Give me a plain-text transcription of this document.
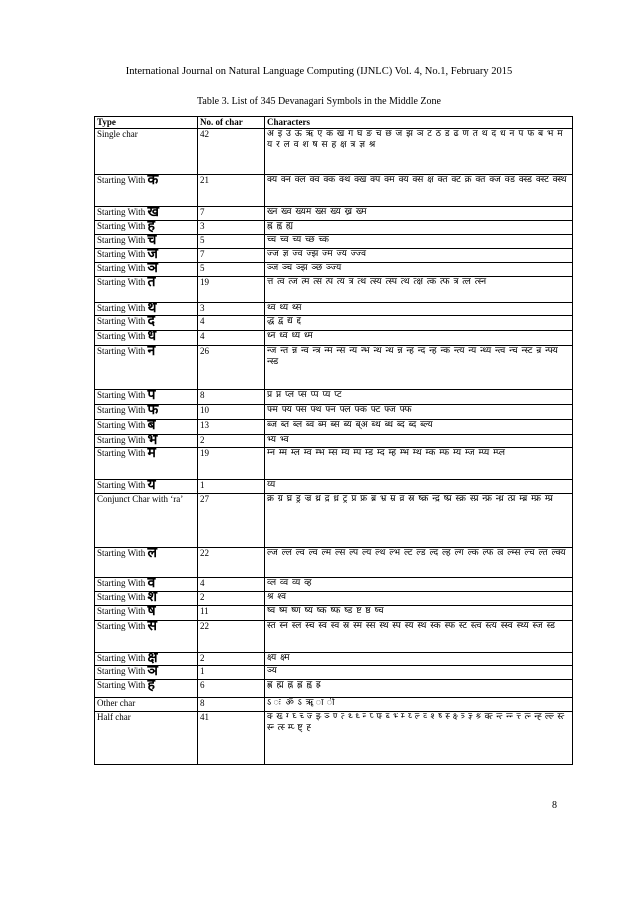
International Journal on Natural Language Computing (IJNLC) Vol. 4, No.1, February 2015
Table 3. List of 345 Devanagari Symbols in the Middle Zone
Type	No. of char	Characters
Single char	42	अ इ उ ऊ ऋ ए क ख ग घ ङ च छ ज झ ञ ट ठ ड ढ ण त थ द ध न प फ ब भ म य र ल व श ष स ह क्ष त्र ज्ञ श्र
Starting With क	21	क्य क्न क्ल क्व क्क क्थ क्ख क्प क्म क्य क्स क्ष क्त क्ट क्र क्त क्ज क्ड क्स्ड क्स्ट क्स्थ
Starting With ख	7	ख्न ख्व ख्यम ख्स ख्य ख्र ख्म
Starting With ह	3	ह्न ह्व ह्य
Starting With च	5	च्च च्व च्य च्छ च्क
Starting With ज	7	ज्ज ज्ञ ज्व ज्झ ज्म ज्य ज्ज्व
Starting With ञ	5	ञ्ज ञ्च ञ्झ ञ्छ ञ्ज्य
Starting With त	19	त्त त्व त्ज त्म त्स त्प त्य त्र त्थ त्स्य त्स्प त्थ त्क्ष त्क त्फ त्र त्ल त्स्न
Starting With थ	3	थ्व थ्य थ्स
Starting With द	4	द्ध द्व द्य द्द
Starting With ध	4	ध्न ध्व ध्य ध्म
Starting With न	26	न्ज न्त न्न न्व न्त्र न्म न्स न्य न्भ न्थ न्ध न्न न्ह न्द न्ह न्क न्त्य न्य न्ध्य न्त्व न्च न्स्ट न्र न्फ्य न्स्ड
Starting With प	8	प्र प्न प्ल प्स प्प प्य प्ट
Starting With फ	10	फ्म फ्य फ्स फ्थ फ्न फ्ल फ्क फ्ट फ्ज फ्फ
Starting With ब	13	ब्ज ब्त ब्ल ब्व ब्म ब्स ब्य ब्अ ब्थ ब्ध ब्द ब्द ब्ल्य
Starting With भ	2	भ्य भ्व
Starting With म	19	म्न म्म म्ल म्व म्भ म्स म्य म्प म्ड म्द म्ह म्भ म्थ म्क म्फ म्य म्ज म्प्य म्प्ल
Starting With य	1	य्य
Conjunct Char with ‘ra’	27	क्र ग्र घ्र ड्र ज्र थ्र द्र ध्र ट्र प्र फ्र ब्र भ्र म्र व्र स्र ष्क्र न्द्र ष्प्र स्क्र स्प्र न्फ्र न्ध्र त्प्र म्ब्र म्फ्र म्प्र
Starting With ल	22	ल्ज ल्ल ल्व ल्व ल्म ल्स ल्प ल्य ल्थ ल्भ ल्ट ल्ड ल्द ल्ह ल्ग ल्क ल्फ ल्र ल्म्स ल्च ल्त ल्क्य
Starting With व	4	व्ल व्व व्य व्ह
Starting With श	2	श्र श्व
Starting With ष	11	ष्व ष्म ष्ण ष्य ष्क ष्फ ष्ड ष्ट ष्ठ ष्च
Starting With स	22	स्त स्न स्ल स्च स्व स्व स्र स्म स्स स्थ स्प स्य स्थ स्क स्फ स्ट स्त्व स्त्य स्स्व स्थ्य स्ज स्ड
Starting With क्ष	2	क्ष्य क्ष्म
Starting With ञ	1	ञ्य
Starting With ह	6	ह्ण ह्म ह्न ह्ल ह्व ह्र
Other char	8	ऽ ः ॐ ऽ ॠ ा ी
Half char	41	क्‍ ख्‍ ग्‍ घ्‍ च्‍ ज्‍ झ्‍ ञ्‍ ण्‍ त्‍ थ्‍ ध्‍ न्‍ प्‍ फ्‍ ब्‍ भ्‍ म्‍ य्‍ ल्‍ व्‍ श्‍ ष्‍ स्‍ क्ष्‍ त्र्‍ ज्ञ्‍ श्र्‍ क्त्‍ न्त्‍ न्न्‍ त्त्‍ त्न्‍ न्ह्‍ ल्ल्‍ स्त्‍ स्न्‍ त्स्‍ म्प्‍ ष्ट्‍ ह्‍
8
